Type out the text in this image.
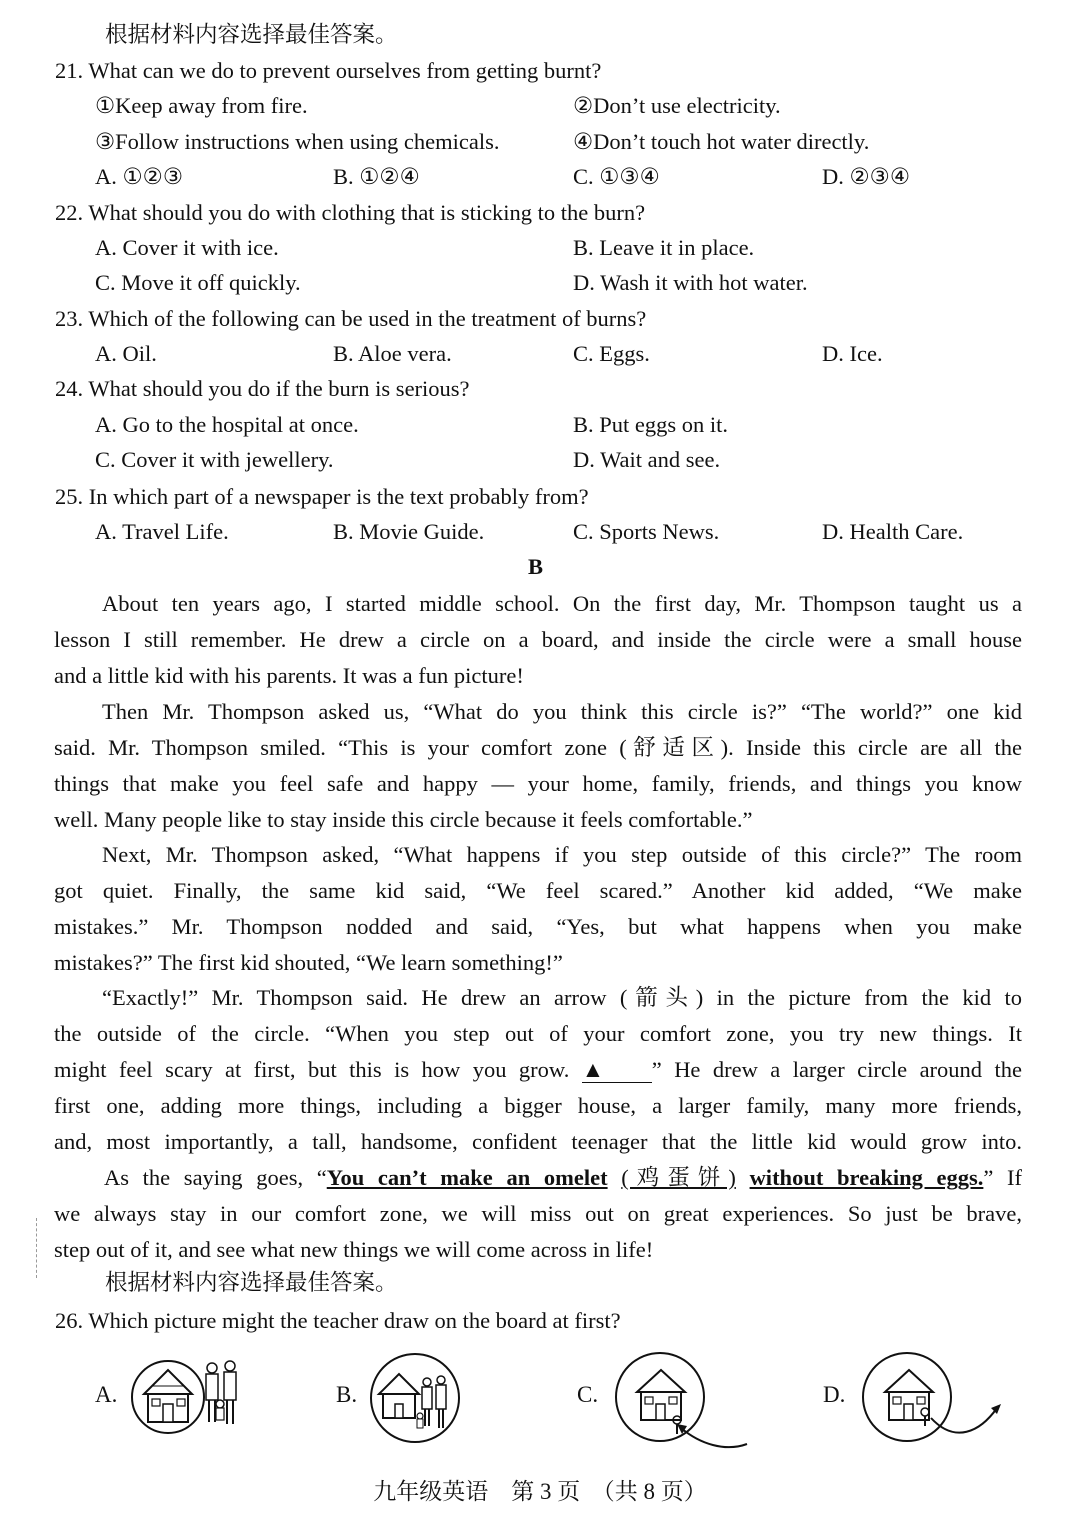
根据材料内容选择最佳答案。
21. What can we do to prevent ourselves from getting burnt?
①Keep away from fire.	②Don’t use electricity.
③Follow instructions when using chemicals.	④Don’t touch hot water directly.
A. ①②③	B. ①②④	C. ①③④	D. ②③④
22. What should you do with clothing that is sticking to the burn?
A. Cover it with ice.	B. Leave it in place.
C. Move it off quickly.	D. Wash it with hot water.
23. Which of the following can be used in the treatment of burns?
A. Oil.	B. Aloe vera.	C. Eggs.	D. Ice.
24. What should you do if the burn is serious?
A. Go to the hospital at once.	B. Put eggs on it.
C. Cover it with jewellery.	D. Wait and see.
25. In which part of a newspaper is the text probably from?
A. Travel Life.	B. Movie Guide.	C. Sports News.	D. Health Care.
B
About ten years ago, I started middle school. On the first day, Mr. Thompson taught us a
lesson I still remember. He drew a circle on a board, and inside the circle were a small house
and a little kid with his parents. It was a fun picture!
Then Mr. Thompson asked us, “What do you think this circle is?” “The world?” one kid
said. Mr. Thompson smiled. “This is your comfort zone (舒适区). Inside this circle are all the
things that make you feel safe and happy — your home, family, friends, and things you know
well. Many people like to stay inside this circle because it feels comfortable.”
Next, Mr. Thompson asked, “What happens if you step outside of this circle?” The room
got quiet. Finally, the same kid said, “We feel scared.” Another kid added, “We make
mistakes.” Mr. Thompson nodded and said, “Yes, but what happens when you make
mistakes?” The first kid shouted, “We learn something!”
“Exactly!” Mr. Thompson said. He drew an arrow (箭头) in the picture from the kid to
the outside of the circle. “When you step out of your comfort zone, you try new things. It
might feel scary at first, but this is how you grow. ▲ ” He drew a larger circle around the
first one, adding more things, including a bigger house, a larger family, many more friends,
and, most importantly, a tall, handsome, confident teenager that the little kid would grow into.
As the saying goes, “You can’t make an omelet (鸡蛋饼) without breaking eggs.” If
we always stay in our comfort zone, we will miss out on great experiences. So just be brave,
step out of it, and see what new things we will come across in life!
根据材料内容选择最佳答案。
26. Which picture might the teacher draw on the board at first?
A.	B.	C.	D.
九年级英语　第 3 页　（共 8 页）
